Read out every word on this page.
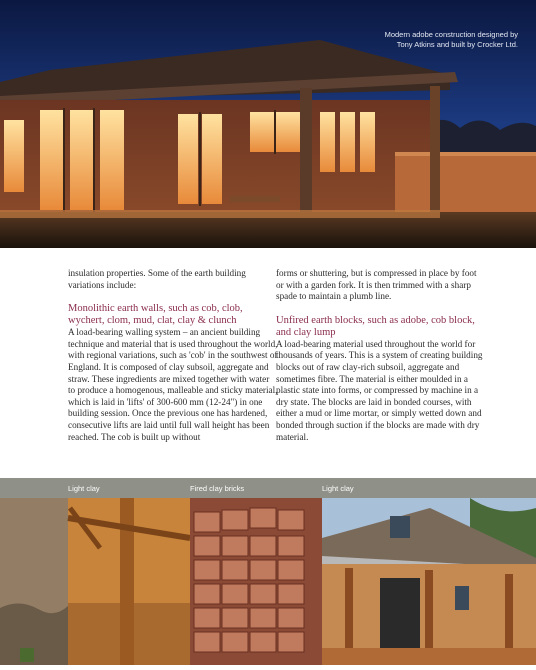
Modern adobe construction designed by
Tony Atkins and built by Crocker Ltd.

insulation properties. Some of the earth building variations include:

Monolithic earth walls, such as cob, clob, wychert, clom, mud, clat, clay & clunch

A load-bearing walling system – an ancient building technique and material that is used throughout the world, with regional variations, such as 'cob' in the southwest of England. It is composed of clay subsoil, aggregate and straw. These ingredients are mixed together with water to produce a homogenous, malleable and sticky material, which is laid in 'lifts' of 300-600 mm (12-24") in one building session. Once the previous one has hardened, consecutive lifts are laid until full wall height has been reached. The cob is built up without

forms or shuttering, but is compressed in place by foot or with a garden fork. It is then trimmed with a sharp spade to maintain a plumb line.

Unfired earth blocks, such as adobe, cob block, and clay lump

A load-bearing material used throughout the world for thousands of years. This is a system of creating building blocks out of raw clay-rich subsoil, aggregate and sometimes fibre. The material is either moulded in a plastic state into forms, or compressed by machine in a dry state. The blocks are laid in bonded courses, with either a mud or lime mortar, or simply wetted down and bonded through suction if the blocks are made with dry material.

Light clay	Fired clay bricks	Light clay
